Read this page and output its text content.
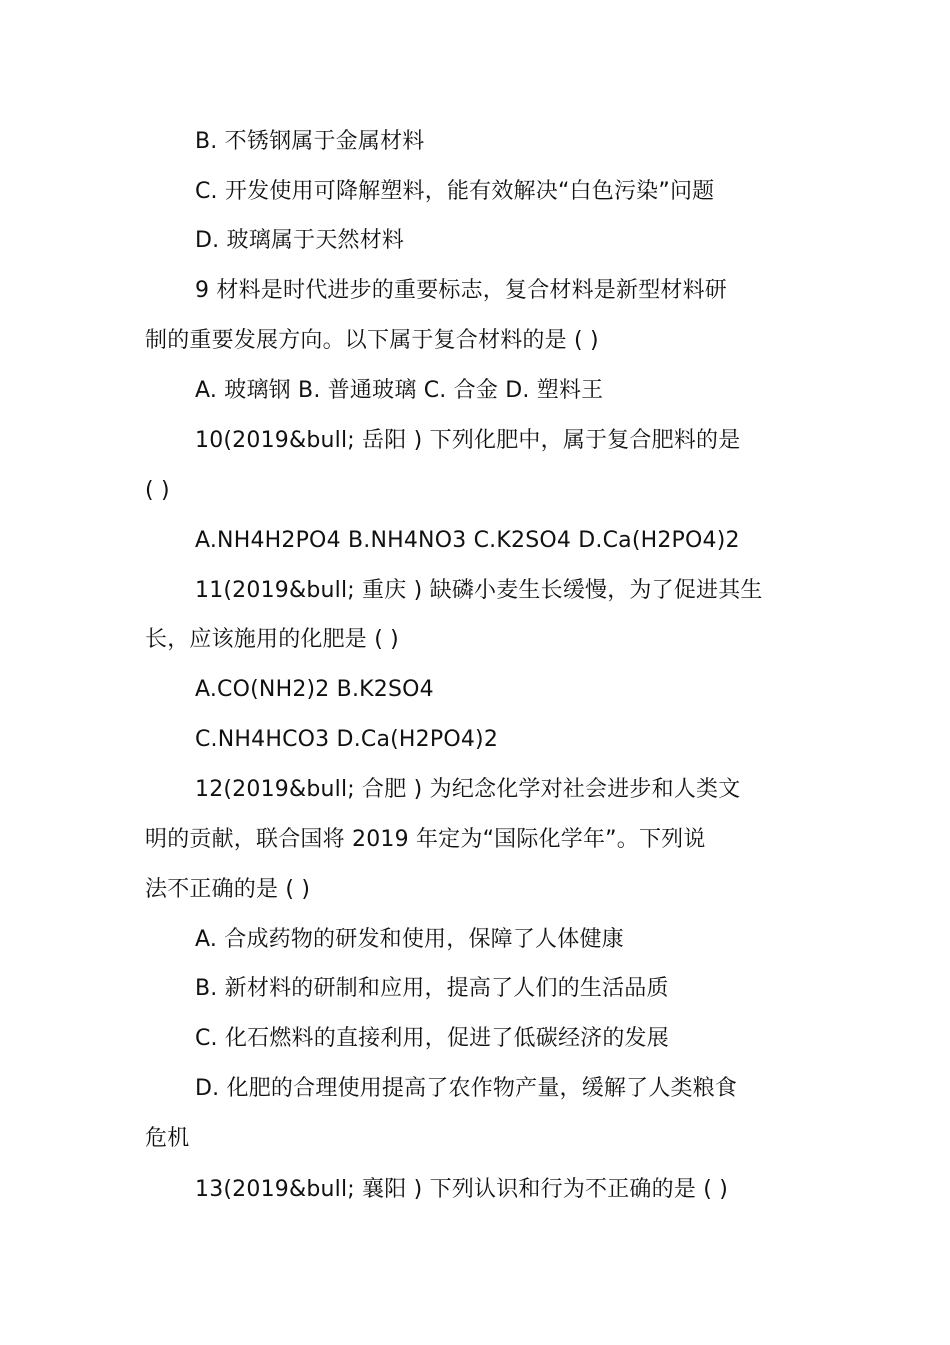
B. 不锈钢属于金属材料
C. 开发使用可降解塑料，能有效解决“白色污染”问题
D. 玻璃属于天然材料
9 材料是时代进步的重要标志，复合材料是新型材料研
制的重要发展方向。以下属于复合材料的是 ( )
A. 玻璃钢 B. 普通玻璃 C. 合金 D. 塑料王
10(2019&bull; 岳阳 ) 下列化肥中，属于复合肥料的是
( )
A.NH4H2PO4 B.NH4NO3 C.K2SO4 D.Ca(H2PO4)2
11(2019&bull; 重庆 ) 缺磷小麦生长缓慢，为了促进其生
长，应该施用的化肥是 ( )
A.CO(NH2)2 B.K2SO4
C.NH4HCO3 D.Ca(H2PO4)2
12(2019&bull; 合肥 ) 为纪念化学对社会进步和人类文
明的贡献，联合国将 2019 年定为“国际化学年”。下列说
法不正确的是 ( )
A. 合成药物的研发和使用，保障了人体健康
B. 新材料的研制和应用，提高了人们的生活品质
C. 化石燃料的直接利用，促进了低碳经济的发展
D. 化肥的合理使用提高了农作物产量，缓解了人类粮食
危机
13(2019&bull; 襄阳 ) 下列认识和行为不正确的是 ( )
